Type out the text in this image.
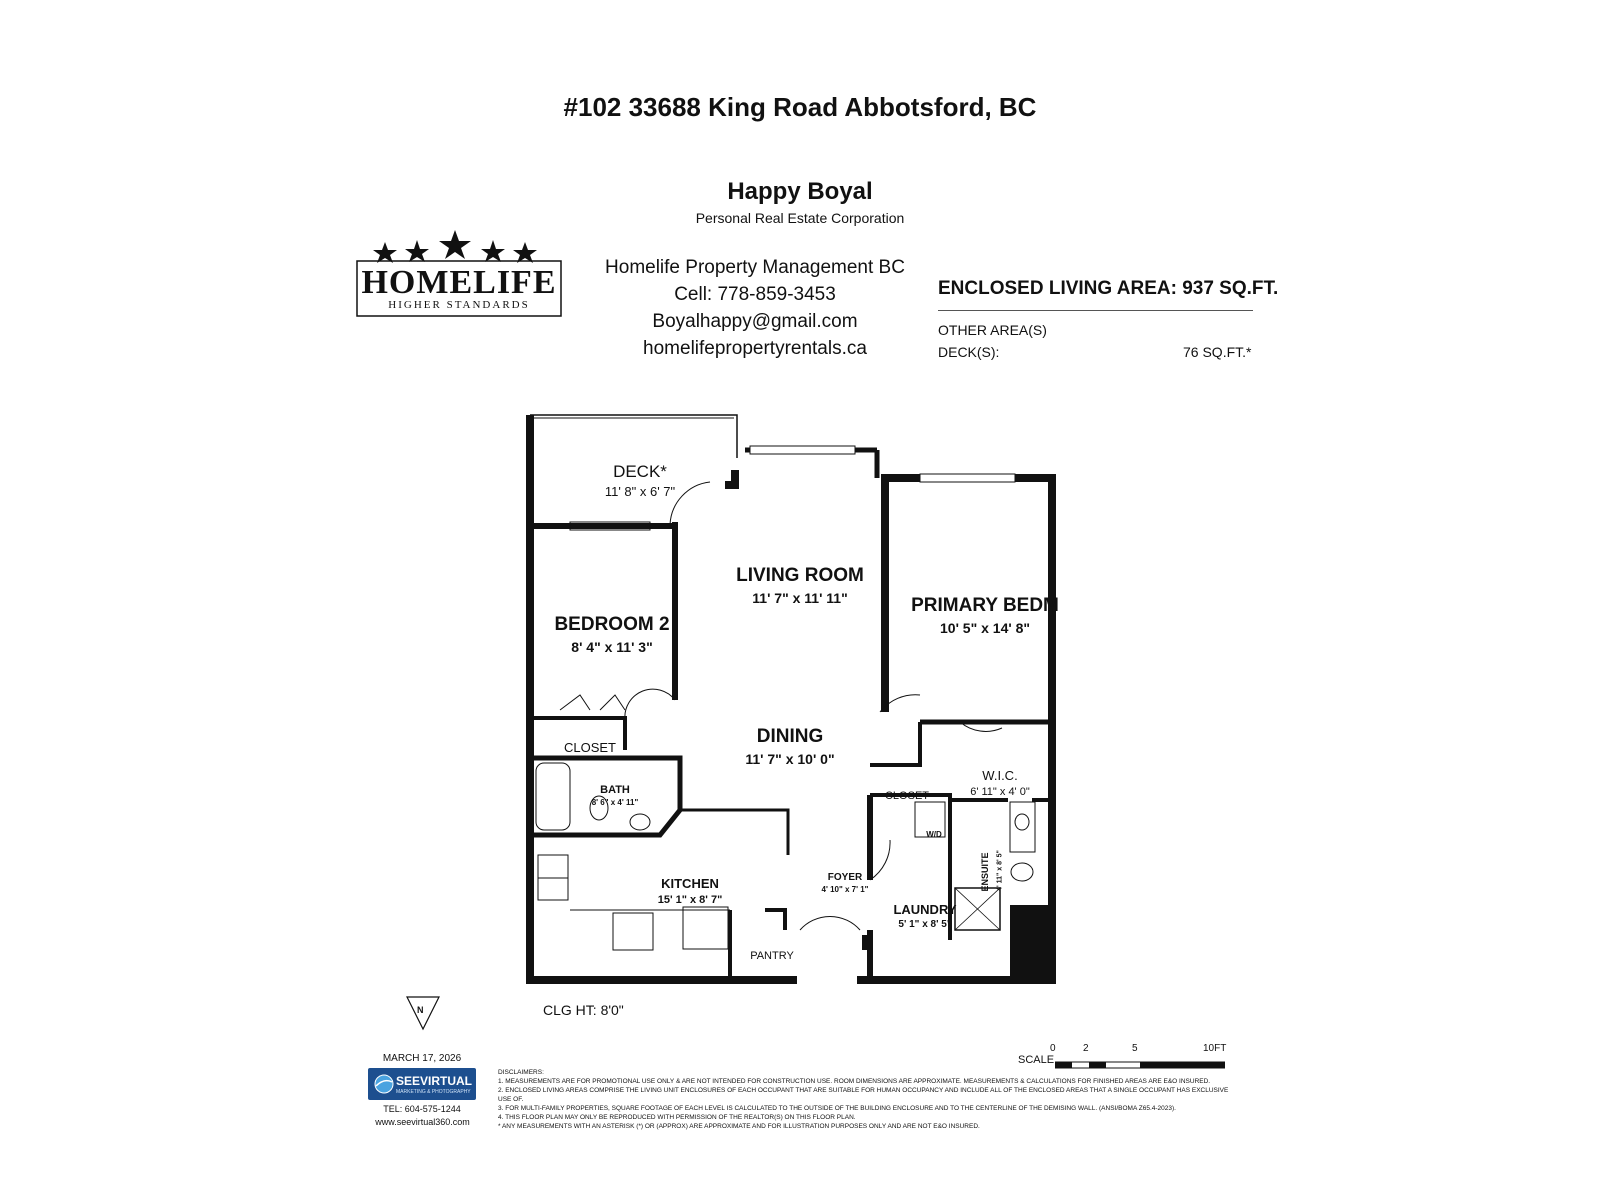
#102 33688 King Road Abbotsford, BC
Happy Boyal
Personal Real Estate Corporation
HOMELIFE
HIGHER STANDARDS
Homelife Property Management BC
Cell: 778-859-3453
Boyalhappy@gmail.com
homelifepropertyrentals.ca
ENCLOSED LIVING AREA: 937 SQ.FT.
OTHER AREA(S)
DECK(S):	76 SQ.FT.*
DECK*
11' 8" x 6' 7"
LIVING ROOM
11' 7" x 11' 11"	PRIMARY BEDM
10' 5" x 14' 8"
BEDROOM 2
8' 4" x 11' 3"
DINING
11' 7" x 10' 0"
CLOSET
CLOSET
W.I.C.
6' 11" x 4' 0"
BATH
8' 6" x 4' 11"
KITCHEN
15' 1" x 8' 7"
FOYER
4' 10" x 7' 1"
LAUNDRY
5' 1" x 8' 5"
ENSUITE 4' 11" x 8' 5"
W/D
PANTRY
N	CLG HT: 8'0"
SCALE
0	2	5	10FT
MARCH 17, 2026
SEEVIRTUAL
MARKETING & PHOTOGRAPHY
TEL: 604-575-1244
www.seevirtual360.com
DISCLAIMERS:
1. MEASUREMENTS ARE FOR PROMOTIONAL USE ONLY & ARE NOT INTENDED FOR CONSTRUCTION USE. ROOM DIMENSIONS ARE APPROXIMATE. MEASUREMENTS & CALCULATIONS FOR FINISHED AREAS ARE E&O INSURED.
2. ENCLOSED LIVING AREAS COMPRISE THE LIVING UNIT ENCLOSURES OF EACH OCCUPANT THAT ARE SUITABLE FOR HUMAN OCCUPANCY AND INCLUDE ALL OF THE ENCLOSED AREAS THAT A SINGLE OCCUPANT HAS EXCLUSIVE USE OF.
3. FOR MULTI-FAMILY PROPERTIES, SQUARE FOOTAGE OF EACH LEVEL IS CALCULATED TO THE OUTSIDE OF THE BUILDING ENCLOSURE AND TO THE CENTERLINE OF THE DEMISING WALL. (ANSI/BOMA Z65.4-2023).
4. THIS FLOOR PLAN MAY ONLY BE REPRODUCED WITH PERMISSION OF THE REALTOR(S) ON THIS FLOOR PLAN.
* ANY MEASUREMENTS WITH AN ASTERISK (*) OR (APPROX) ARE APPROXIMATE AND FOR ILLUSTRATION PURPOSES ONLY AND ARE NOT E&O INSURED.
